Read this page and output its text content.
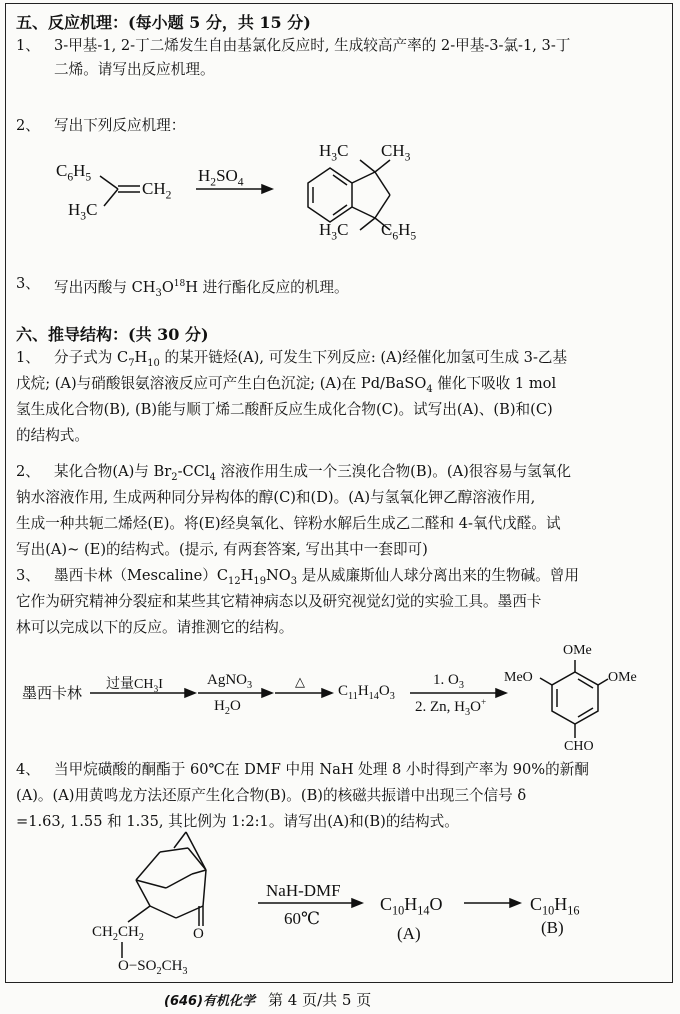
五、反应机理：(每小题 5 分，共 15 分)
1、 3-甲基-1, 2-丁二烯发生自由基氯化反应时, 生成较高产率的 2-甲基-3-氯-1, 3-丁
二烯。请写出反应机理。
2、 写出下列反应机理：
$C_6H_5$
$CH_2$
$H_3C$
$H_2SO_4$
$H_3C$ $CH_3$
$H_3C$ $C_6H_5$
3、 写出丙酸与 $CH_3O^{18}H$ 进行酯化反应的机理。
六、推导结构：(共 30 分)
1、 分子式为 $C_7H_{10}$ 的某开链烃(A), 可发生下列反应: (A)经催化加氢可生成 3-乙基
戊烷; (A)与硝酸银氨溶液反应可产生白色沉淀; (A)在 Pd/BaSO$_4$ 催化下吸收 1 mol
氢生成化合物(B), (B)能与顺丁烯二酸酐反应生成化合物(C)。试写出(A)、(B)和(C)
的结构式。
2、 某化合物(A)与 $Br_2-CCl_4$ 溶液作用生成一个三溴化合物(B)。(A)很容易与氢氧化
钠水溶液作用, 生成两种同分异构体的醇(C)和(D)。(A)与氢氧化钾乙醇溶液作用,
生成一种共轭二烯烃(E)。将(E)经臭氧化、锌粉水解后生成乙二醛和 4-氧代戊醛。试
写出(A)~ (E)的结构式。(提示, 有两套答案, 写出其中一套即可)
3、 墨西卡林$(Mescaline)C_{12}H_{19}NO_3$ 是从威廉斯仙人球分离出来的生物碱。曾用
它作为研究精神分裂症和某些其它精神病态以及研究视觉幻觉的实验工具。墨西卡
林可以完成以下的反应。请推测它的结构。
墨西卡林 过量$CH_3I$	AgNO$_3$
$H_2O$
△
$C_{11}H_{14}O_3$
1. $O_3$
2. Zn, $H_3O^+$
OMe
MeO	OMe
CHO
4、 当甲烷磺酸的酮酯于 60℃在 DMF 中用 NaH 处理 8 小时得到产率为 90%的新酮
(A)。(A)用黄鸣龙方法还原产生化合物(B)。(B)的核磁共振谱中出现三个信号 δ
=1.63, 1.55 和 1.35, 其比例为 1:2:1。请写出(A)和(B)的结构式。
$CH_2CH_2$	O
$O-SO_2CH_3$
NaH-DMF
60℃
$C_{10}H_{14}O$
(A)
$C_{10}H_{16}$
(B)
(646)有机化学 第 4 页/共 5 页
